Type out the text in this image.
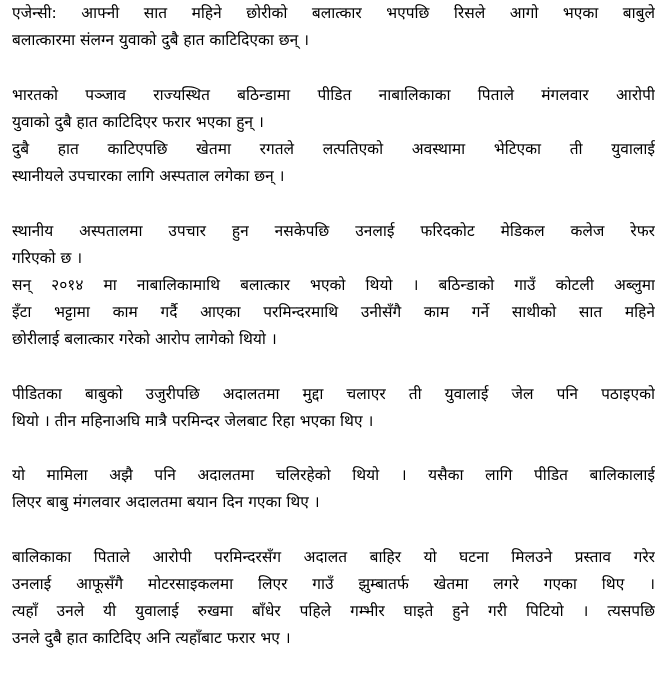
एजेन्सी: आफ्नी सात महिने छोरीको बलात्कार भएपछि रिसले आगो भएका बाबुले
बलात्कारमा संलग्न युवाको दुबै हात काटिदिएका छन् ।
भारतको पञ्जाव राज्यस्थित बठिन्डामा पीडित नाबालिकाका पिताले मंगलवार आरोपी
युवाको दुबै हात काटिदिएर फरार भएका हुन् ।
दुबै हात काटिएपछि खेतमा रगतले लत्पतिएको अवस्थामा भेटिएका ती युवालाई
स्थानीयले उपचारका लागि अस्पताल लगेका छन् ।
स्थानीय अस्पतालमा उपचार हुन नसकेपछि उनलाई फरिदकोट मेडिकल कलेज रेफर
गरिएको छ ।
सन् २०१४ मा नाबालिकामाथि बलात्कार भएको थियो । बठिन्डाको गाउँ कोटली अब्लुमा
इँटा भट्टामा काम गर्दै आएका परमिन्दरमाथि उनीसँगै काम गर्ने साथीको सात महिने
छोरीलाई बलात्कार गरेको आरोप लागेको थियो ।
पीडितका बाबुको उजुरीपछि अदालतमा मुद्दा चलाएर ती युवालाई जेल पनि पठाइएको
थियो । तीन महिनाअघि मात्रै परमिन्दर जेलबाट रिहा भएका थिए ।
यो मामिला अझै पनि अदालतमा चलिरहेको थियो । यसैका लागि पीडित बालिकालाई
लिएर बाबु मंगलवार अदालतमा बयान दिन गएका थिए ।
बालिकाका पिताले आरोपी परमिन्दरसँग अदालत बाहिर यो घटना मिलउने प्रस्ताव गरेर
उनलाई आफूसँगै मोटरसाइकलमा लिएर गाउँ झुम्बातर्फ खेतमा लगरे गएका थिए ।
त्यहाँ उनले यी युवालाई रुखमा बाँधेर पहिले गम्भीर घाइते हुने गरी पिटियो । त्यसपछि
उनले दुबै हात काटिदिए अनि त्यहाँबाट फरार भए ।
